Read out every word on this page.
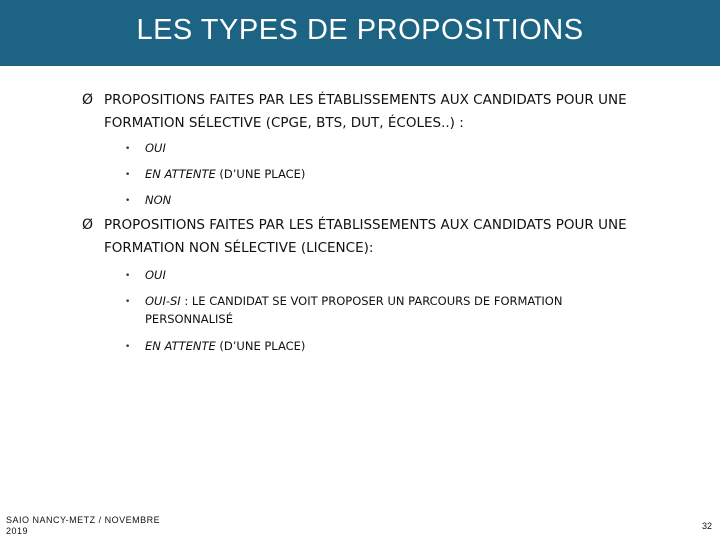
LES TYPES DE PROPOSITIONS
Ø PROPOSITIONS FAITES PAR LES ÉTABLISSEMENTS AUX CANDIDATS POUR UNE
FORMATION SÉLECTIVE (CPGE, BTS, DUT, ÉCOLES..) :
• OUI
• EN ATTENTE (D’UNE PLACE)
• NON
Ø PROPOSITIONS FAITES PAR LES ÉTABLISSEMENTS AUX CANDIDATS POUR UNE
FORMATION NON SÉLECTIVE (LICENCE):
• OUI
• OUI-SI : LE CANDIDAT SE VOIT PROPOSER UN PARCOURS DE FORMATION
PERSONNALISÉ
• EN ATTENTE (D’UNE PLACE)
SAIO NANCY-METZ / NOVEMBRE
2019	32
